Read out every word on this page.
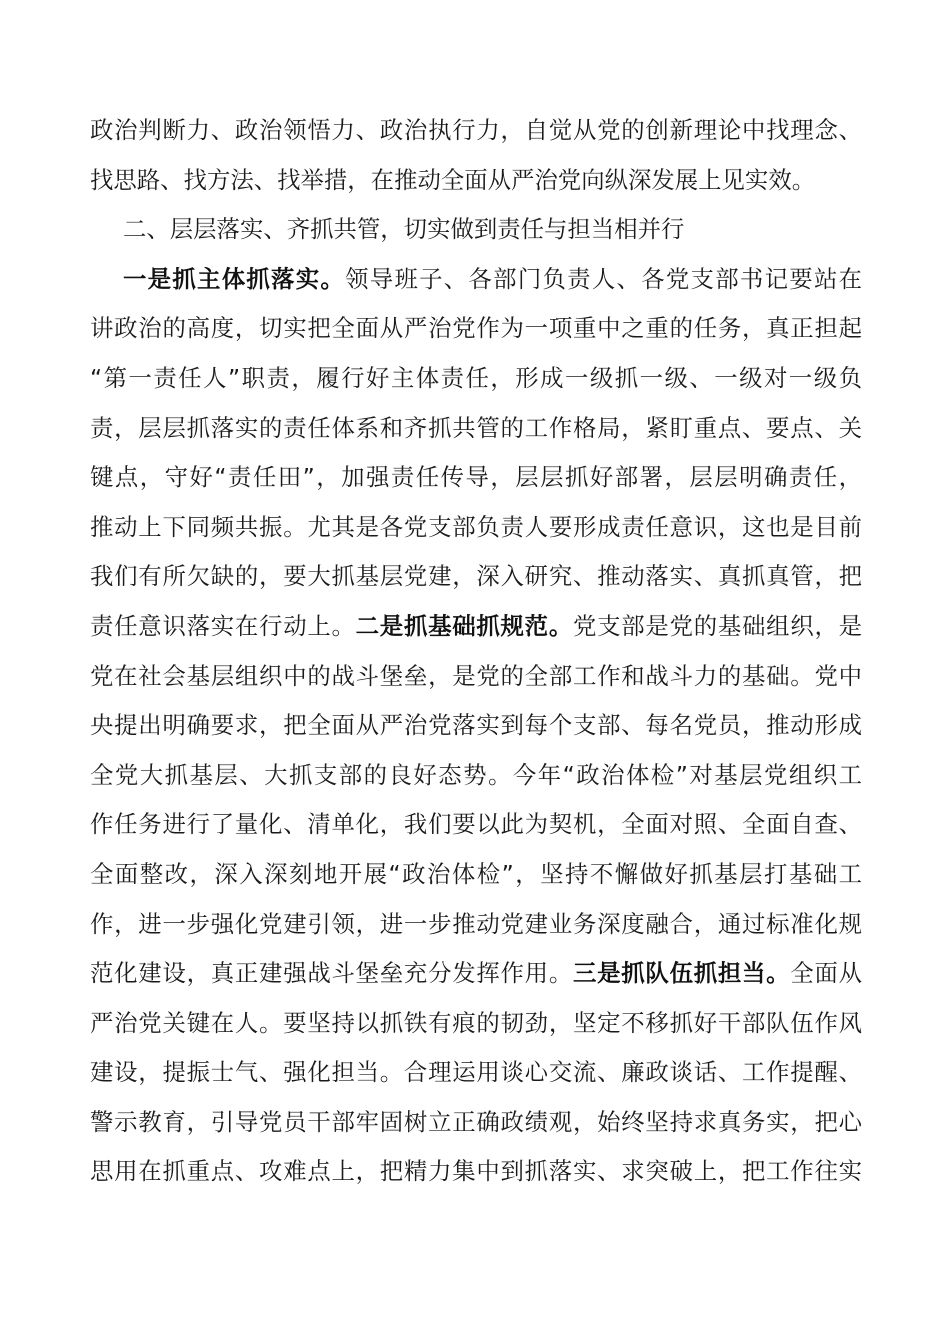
政治判断力、政治领悟力、政治执行力，自觉从党的创新理论中找理念、
找思路、找方法、找举措，在推动全面从严治党向纵深发展上见实效。
二、层层落实、齐抓共管，切实做到责任与担当相并行
一是抓主体抓落实。领导班子、各部门负责人、各党支部书记要站在
讲政治的高度，切实把全面从严治党作为一项重中之重的任务，真正担起
“第一责任人”职责，履行好主体责任，形成一级抓一级、一级对一级负
责，层层抓落实的责任体系和齐抓共管的工作格局，紧盯重点、要点、关
键点，守好“责任田”，加强责任传导，层层抓好部署，层层明确责任，
推动上下同频共振。尤其是各党支部负责人要形成责任意识，这也是目前
我们有所欠缺的，要大抓基层党建，深入研究、推动落实、真抓真管，把
责任意识落实在行动上。二是抓基础抓规范。党支部是党的基础组织，是
党在社会基层组织中的战斗堡垒，是党的全部工作和战斗力的基础。党中
央提出明确要求，把全面从严治党落实到每个支部、每名党员，推动形成
全党大抓基层、大抓支部的良好态势。今年“政治体检”对基层党组织工
作任务进行了量化、清单化，我们要以此为契机，全面对照、全面自查、
全面整改，深入深刻地开展“政治体检”，坚持不懈做好抓基层打基础工
作，进一步强化党建引领，进一步推动党建业务深度融合，通过标准化规
范化建设，真正建强战斗堡垒充分发挥作用。三是抓队伍抓担当。全面从
严治党关键在人。要坚持以抓铁有痕的韧劲，坚定不移抓好干部队伍作风
建设，提振士气、强化担当。合理运用谈心交流、廉政谈话、工作提醒、
警示教育，引导党员干部牢固树立正确政绩观，始终坚持求真务实，把心
思用在抓重点、攻难点上，把精力集中到抓落实、求突破上，把工作往实
